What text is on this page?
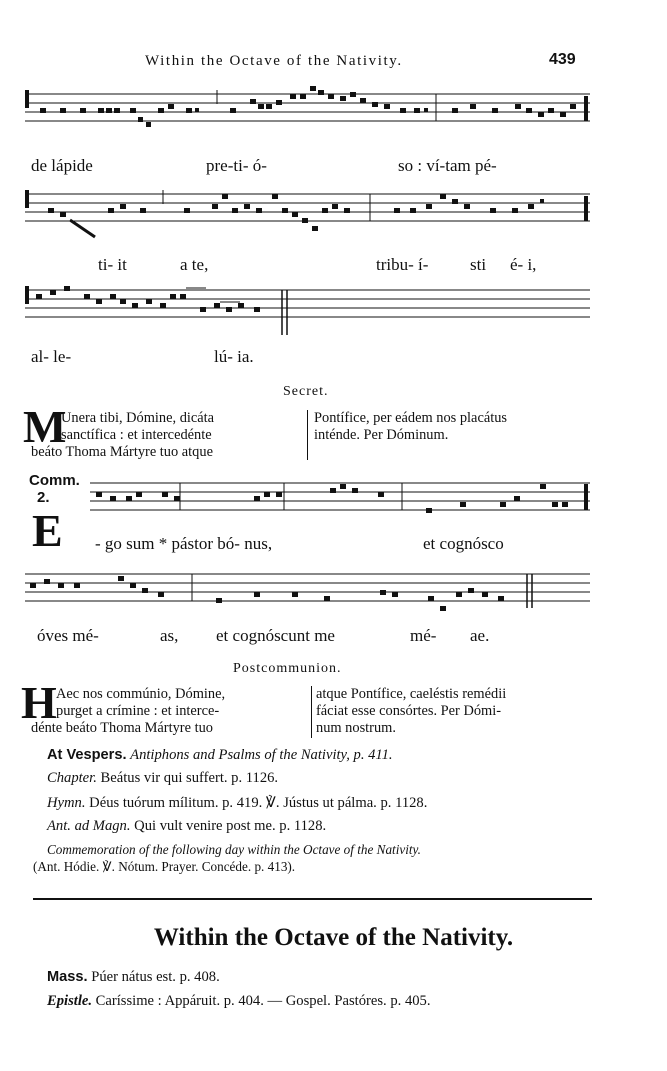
Within the Octave of the Nativity.	439
de lápide	pre-ti- ó-	so : ví-tam pé-
ti- it	a te,	tribu- í- sti é- i,
al- le-	lú- ia.
Secret.
M

Unera tibi, Dómine, dicáta

sanctífica : et intercedénte

beáto Thoma Mártyre tuo atque

Pontífice, per eádem nos placátus

inténde. Per Dóminum.

Comm.
2.
E - go sum * pástor bó- nus,	et cognósco
óves mé-	as, et cognóscunt me	mé- ae.
Postcommunion.
H Aec nos commúnio, Dómine,

purget a crímine : et interce-

dénte beáto Thoma Mártyre tuo

atque Pontífice, caeléstis remédii

fáciat esse consórtes. Per Dómi-

num nostrum.

At Vespers. Antiphons and Psalms of the Nativity, p. 411.
Chapter. Beátus vir qui suffert. p. 1126.
Hymn. Déus tuórum mílitum. p. 419. ℣. Jústus ut pálma. p. 1128.
Ant. ad Magn. Qui vult venire post me. p. 1128.
Commemoration of the following day within the Octave of the Nativity.
(Ant. Hódie. ℣. Nótum. Prayer. Concéde. p. 413).
Within the Octave of the Nativity.
Mass. Púer nátus est. p. 408.
Epistle. Caríssime : Appáruit. p. 404. — Gospel. Pastóres. p. 405.
